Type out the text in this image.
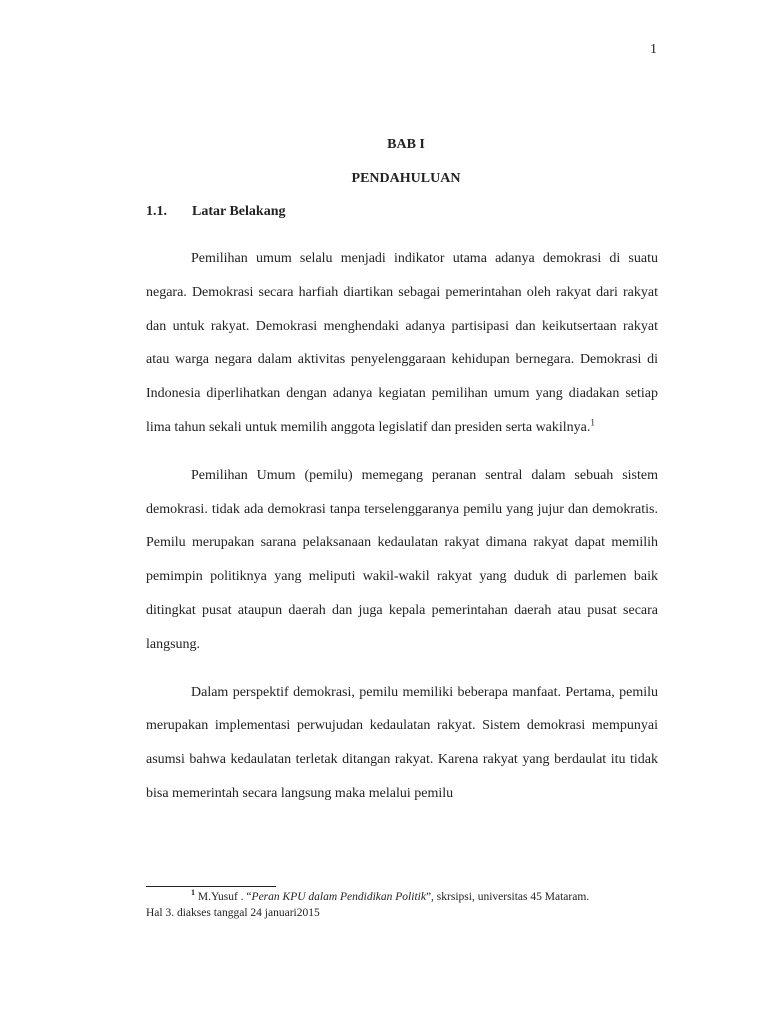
1
BAB I
PENDAHULUAN
1.1. Latar Belakang

Pemilihan umum selalu menjadi indikator utama adanya demokrasi di suatu negara. Demokrasi secara harfiah diartikan sebagai pemerintahan oleh rakyat dari rakyat dan untuk rakyat. Demokrasi menghendaki adanya partisipasi dan keikutsertaan rakyat atau warga negara dalam aktivitas penyelenggaraan kehidupan bernegara. Demokrasi di Indonesia diperlihatkan dengan adanya kegiatan pemilihan umum yang diadakan setiap lima tahun sekali untuk memilih anggota legislatif dan presiden serta wakilnya.$^1$

Pemilihan Umum (pemilu) memegang peranan sentral dalam sebuah sistem demokrasi. tidak ada demokrasi tanpa terselenggaranya pemilu yang jujur dan demokratis. Pemilu merupakan sarana pelaksanaan kedaulatan rakyat dimana rakyat dapat memilih pemimpin politiknya yang meliputi wakil-wakil rakyat yang duduk di parlemen baik ditingkat pusat ataupun daerah dan juga kepala pemerintahan daerah atau pusat secara langsung.

Dalam perspektif demokrasi, pemilu memiliki beberapa manfaat. Pertama, pemilu merupakan implementasi perwujudan kedaulatan rakyat. Sistem demokrasi mempunyai asumsi bahwa kedaulatan terletak ditangan rakyat. Karena rakyat yang berdaulat itu tidak bisa memerintah secara langsung maka melalui pemilu

$^1$ M.Yusuf . “Peran KPU dalam Pendidikan Politik”, skrsipsi, universitas 45 Mataram.
Hal 3. diakses tanggal 24 januari2015
